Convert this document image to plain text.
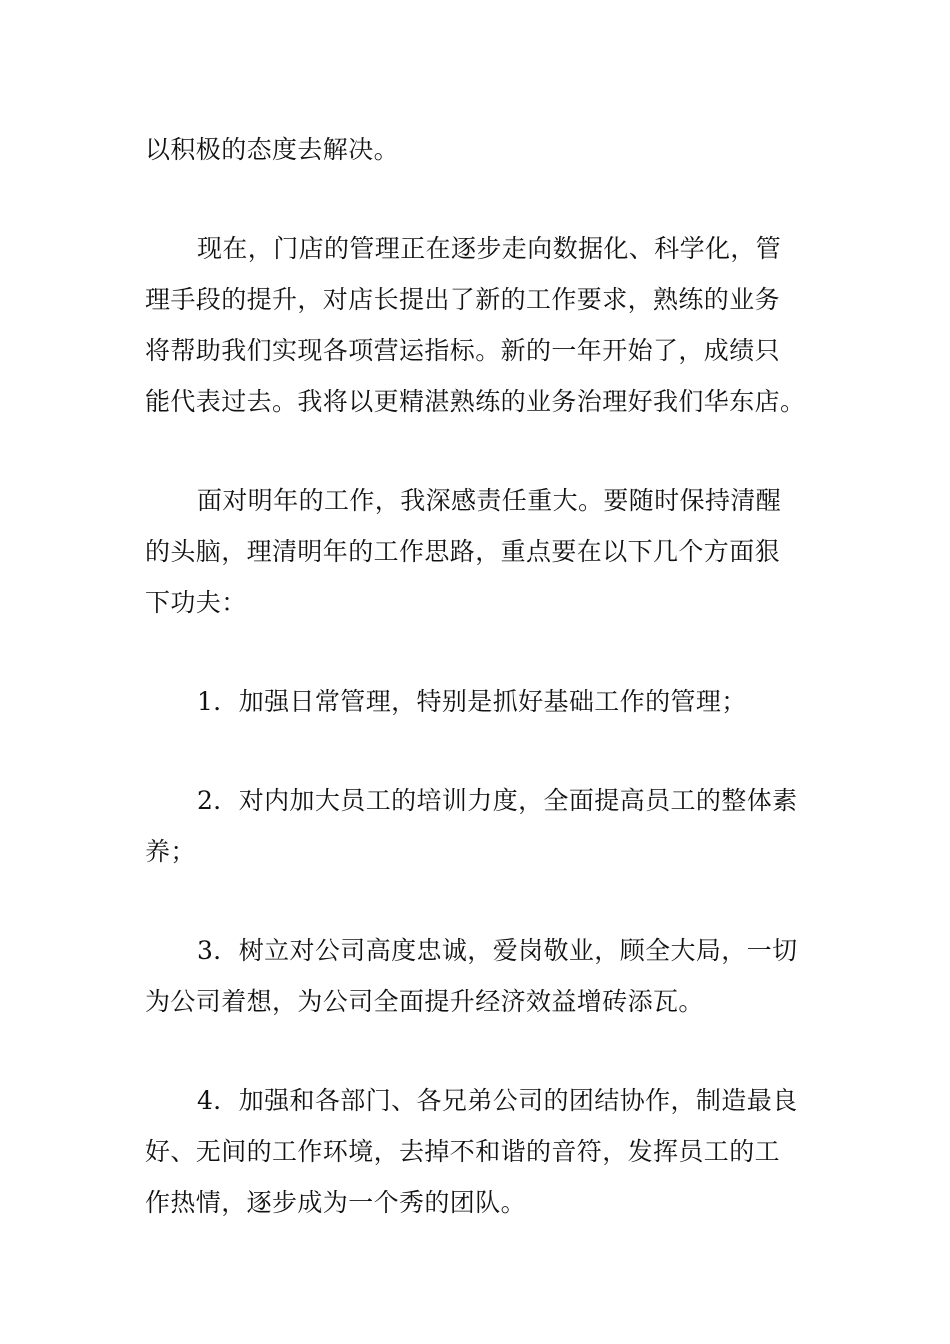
以积极的态度去解决。

现在，门店的管理正在逐步走向数据化、科学化，管

理手段的提升，对店长提出了新的工作要求，熟练的业务

将帮助我们实现各项营运指标。新的一年开始了，成绩只

能代表过去。我将以更精湛熟练的业务治理好我们华东店。

面对明年的工作，我深感责任重大。要随时保持清醒

的头脑，理清明年的工作思路，重点要在以下几个方面狠

下功夫：

1．加强日常管理，特别是抓好基础工作的管理；

2．对内加大员工的培训力度，全面提高员工的整体素

养；

3．树立对公司高度忠诚，爱岗敬业，顾全大局，一切

为公司着想，为公司全面提升经济效益增砖添瓦。

4．加强和各部门、各兄弟公司的团结协作，制造最良

好、无间的工作环境，去掉不和谐的音符，发挥员工的工

作热情，逐步成为一个秀的团队。
